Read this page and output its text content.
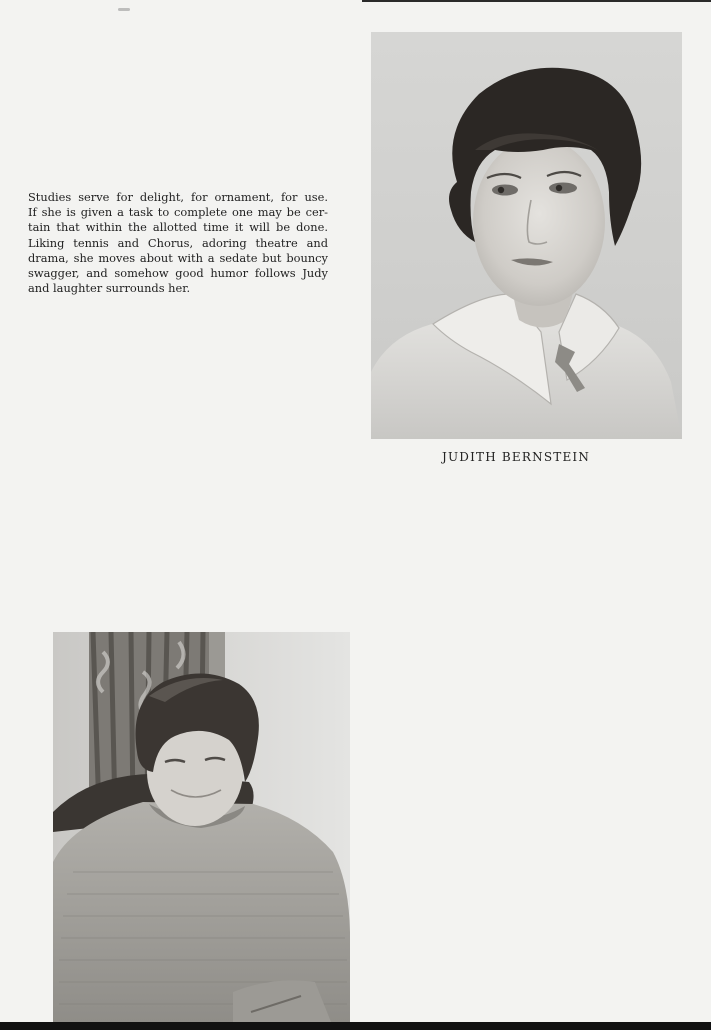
Studies serve for delight, for ornament, for use.
If she is given a task to complete one may be cer-
tain that within the allotted time it will be done.
Liking tennis and Chorus, adoring theatre and
drama, she moves about with a sedate but bouncy
swagger, and somehow good humor follows Judy
and laughter surrounds her.

JUDITH BERNSTEIN
